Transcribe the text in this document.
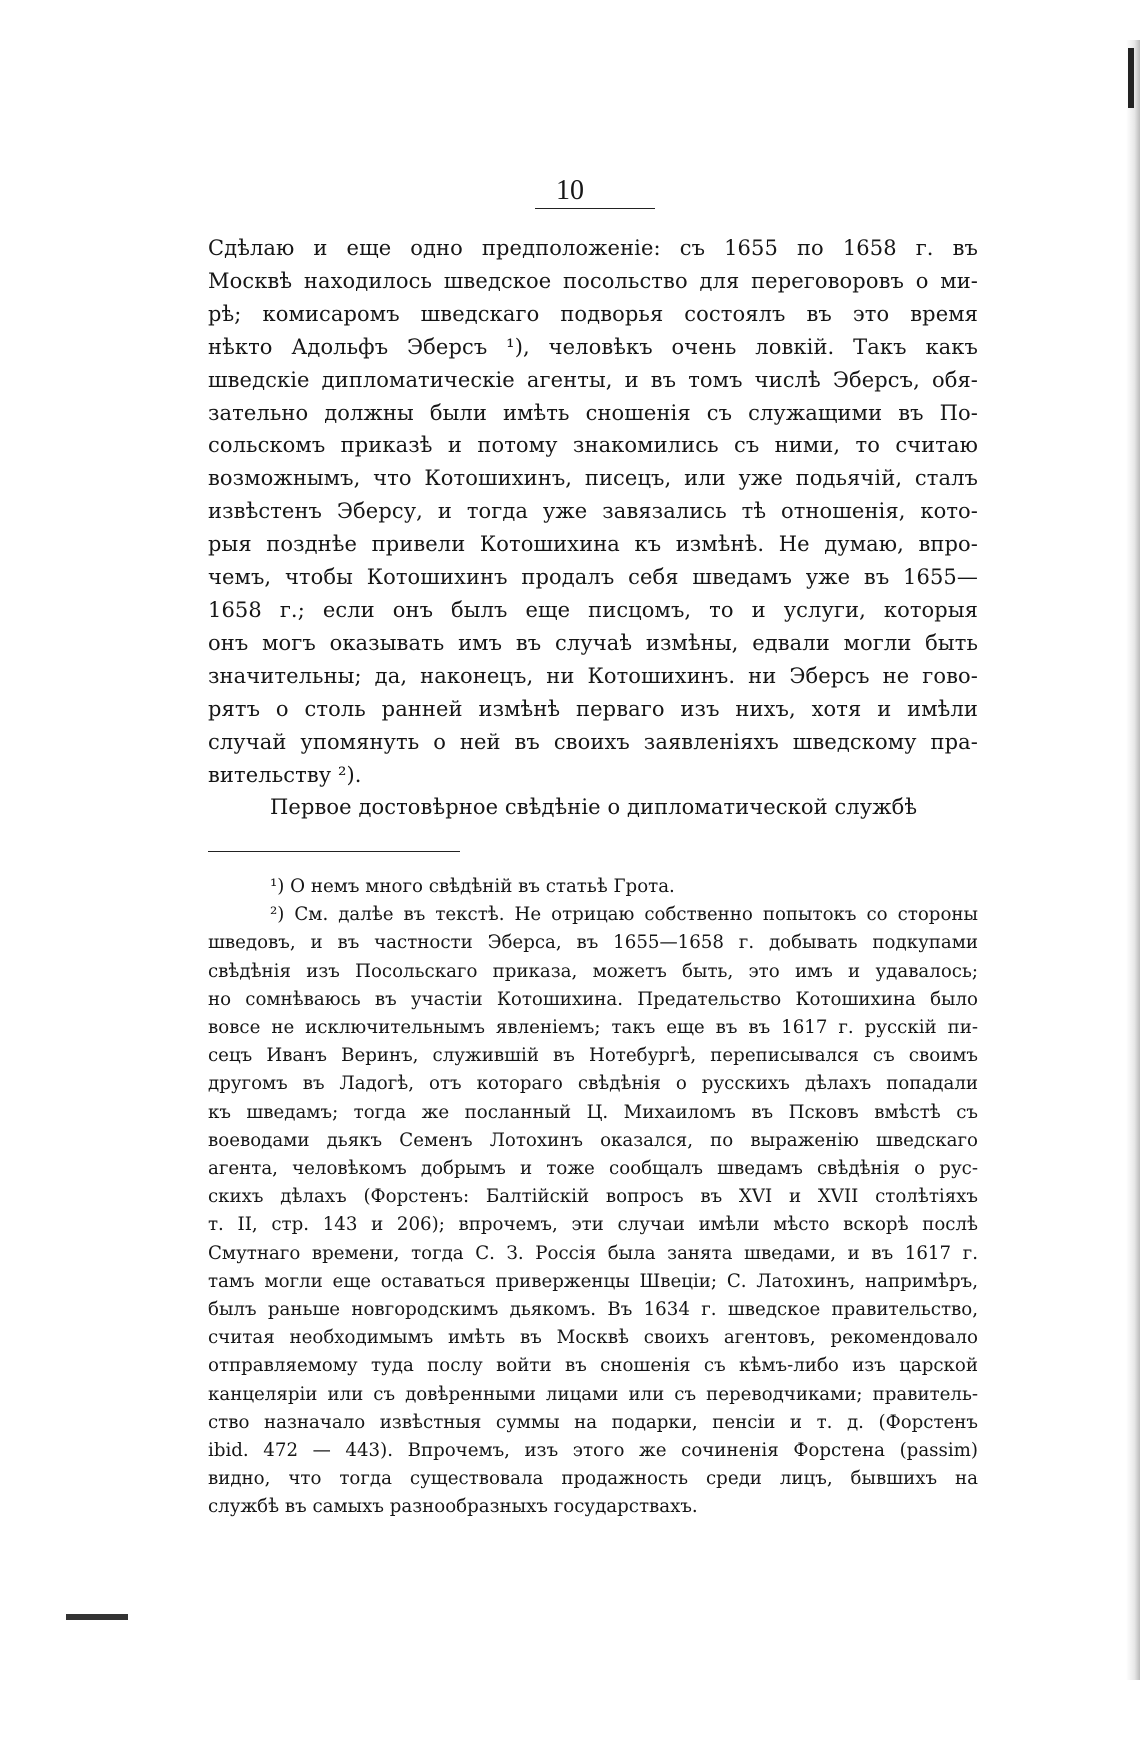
10
Сдѣлаю и еще одно предположеніе: съ 1655 по 1658 г. въ
Москвѣ находилось шведское посольство для переговоровъ о ми-
рѣ; комисаромъ шведскаго подворья состоялъ въ это время
нѣкто Адольфъ Эберсъ ¹), человѣкъ очень ловкій. Такъ какъ
шведскіе дипломатическіе агенты, и въ томъ числѣ Эберсъ, обя-
зательно должны были имѣть сношенія съ служащими въ По-
сольскомъ приказѣ и потому знакомились съ ними, то считаю
возможнымъ, что Котошихинъ, писецъ, или уже подьячій, сталъ
извѣстенъ Эберсу, и тогда уже завязались тѣ отношенія, кото-
рыя позднѣе привели Котошихина къ измѣнѣ. Не думаю, впро-
чемъ, чтобы Котошихинъ продалъ себя шведамъ уже въ 1655—
1658 г.; если онъ былъ еще писцомъ, то и услуги, которыя
онъ могъ оказывать имъ въ случаѣ измѣны, едвали могли быть
значительны; да, наконецъ, ни Котошихинъ. ни Эберсъ не гово-
рятъ о столь ранней измѣнѣ перваго изъ нихъ, хотя и имѣли
случай упомянуть о ней въ своихъ заявленіяхъ шведскому пра-
вительству ²).
Первое достовѣрное свѣдѣніе о дипломатической службѣ
¹) О немъ много свѣдѣній въ статьѣ Грота.
²) См. далѣе въ текстѣ. Не отрицаю собственно попытокъ со стороны
шведовъ, и въ частности Эберса, въ 1655—1658 г. добывать подкупами
свѣдѣнія изъ Посольскаго приказа, можетъ быть, это имъ и удавалось;
но сомнѣваюсь въ участіи Котошихина. Предательство Котошихина было
вовсе не исключительнымъ явленіемъ; такъ еще въ въ 1617 г. русскій пи-
сецъ Иванъ Веринъ, служившій въ Нотебургѣ, переписывался съ своимъ
другомъ въ Ладогѣ, отъ котораго свѣдѣнія о русскихъ дѣлахъ попадали
къ шведамъ; тогда же посланный Ц. Михаиломъ въ Псковъ вмѣстѣ съ
воеводами дьякъ Семенъ Лотохинъ оказался, по выраженію шведскаго
агента, человѣкомъ добрымъ и тоже сообщалъ шведамъ свѣдѣнія о рус-
скихъ дѣлахъ (Форстенъ: Балтійскій вопросъ въ XVI и XVII столѣтіяхъ
т. II, стр. 143 и 206); впрочемъ, эти случаи имѣли мѣсто вскорѣ послѣ
Смутнаго времени, тогда С. З. Россія была занята шведами, и въ 1617 г.
тамъ могли еще оставаться приверженцы Швеціи; С. Латохинъ, напримѣръ,
былъ раньше новгородскимъ дьякомъ. Въ 1634 г. шведское правительство,
считая необходимымъ имѣть въ Москвѣ своихъ агентовъ, рекомендовало
отправляемому туда послу войти въ сношенія съ кѣмъ-либо изъ царской
канцеляріи или съ довѣренными лицами или съ переводчиками; правитель-
ство назначало извѣстныя суммы на подарки, пенсіи и т. д. (Форстенъ
ibid. 472 — 443). Впрочемъ, изъ этого же сочиненія Форстена (passim)
видно, что тогда существовала продажность среди лицъ, бывшихъ на
службѣ въ самыхъ разнообразныхъ государствахъ.
